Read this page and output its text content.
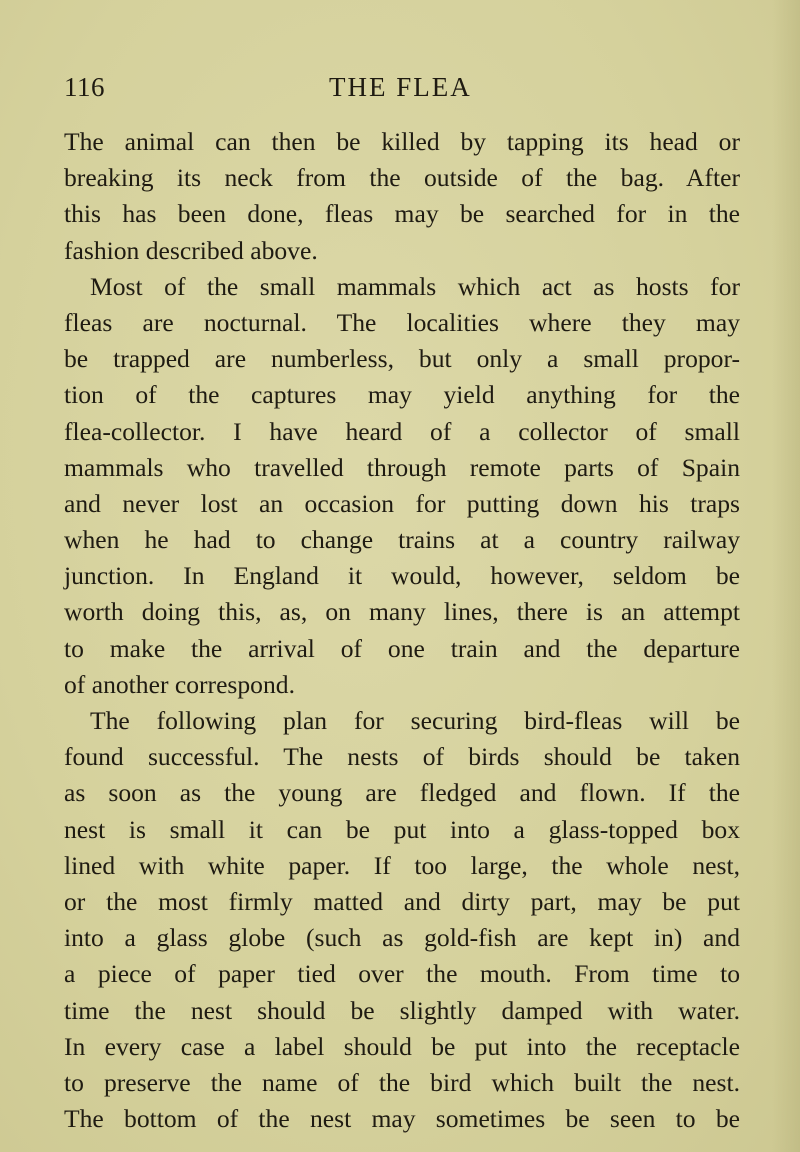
116	THE FLEA
The animal can then be killed by tapping its head or
breaking its neck from the outside of the bag. After
this has been done, fleas may be searched for in the
fashion described above.
Most of the small mammals which act as hosts for
fleas are nocturnal. The localities where they may
be trapped are numberless, but only a small propor-
tion of the captures may yield anything for the
flea-collector. I have heard of a collector of small
mammals who travelled through remote parts of Spain
and never lost an occasion for putting down his traps
when he had to change trains at a country railway
junction. In England it would, however, seldom be
worth doing this, as, on many lines, there is an attempt
to make the arrival of one train and the departure
of another correspond.
The following plan for securing bird-fleas will be
found successful. The nests of birds should be taken
as soon as the young are fledged and flown. If the
nest is small it can be put into a glass-topped box
lined with white paper. If too large, the whole nest,
or the most firmly matted and dirty part, may be put
into a glass globe (such as gold-fish are kept in) and
a piece of paper tied over the mouth. From time to
time the nest should be slightly damped with water.
In every case a label should be put into the receptacle
to preserve the name of the bird which built the nest.
The bottom of the nest may sometimes be seen to be
